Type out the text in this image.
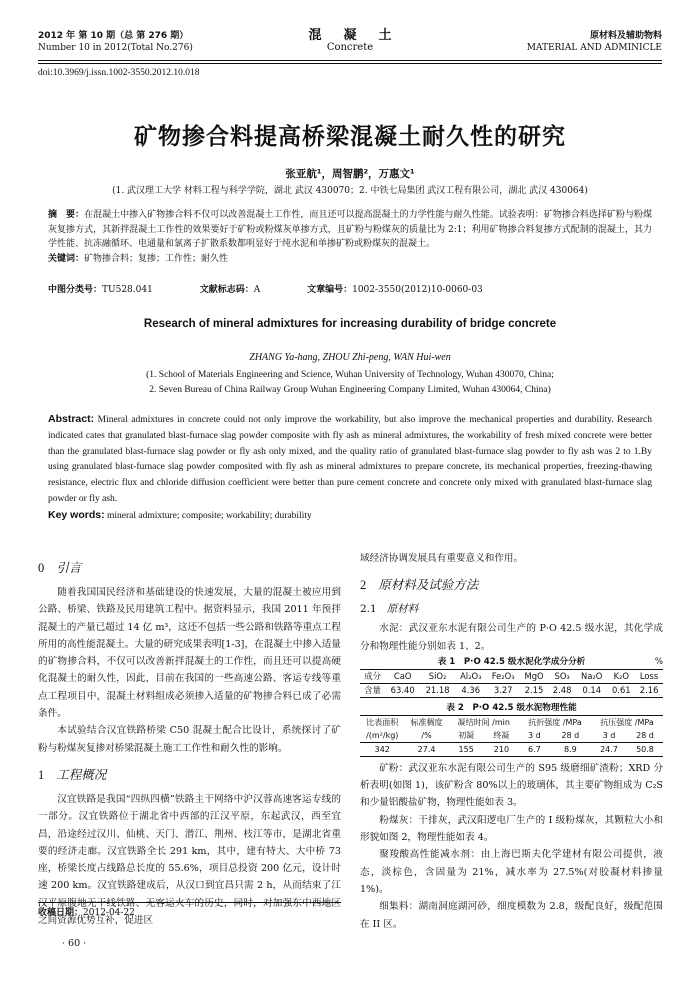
2012 年 第 10 期（总 第 276 期）
Number 10 in 2012(Total No.276)
混凝土
Concrete
原材料及辅助物料
MATERIAL AND ADMINICLE
doi:10.3969/j.issn.1002-3550.2012.10.018
矿物掺合料提高桥梁混凝土耐久性的研究
张亚航¹，周智鹏²，万惠文¹
(1. 武汉理工大学 材料工程与科学学院，湖北 武汉 430070；2. 中铁七局集团 武汉工程有限公司，湖北 武汉 430064)
摘　要：在混凝土中掺入矿物掺合料不仅可以改善混凝土工作性，而且还可以提高混凝土的力学性能与耐久性能。试验表明：矿物掺合料选择矿粉与粉煤灰复掺方式，其新拌混凝土工作性的效果要好于矿粉或粉煤灰单掺方式，且矿粉与粉煤灰的质量比为 2:1；利用矿物掺合料复掺方式配制的混凝土，其力学性能、抗冻融循环、电通量和氯离子扩散系数都明显好于纯水泥和单掺矿粉或粉煤灰的混凝土。
关键词：矿物掺合料；复掺；工作性；耐久性
中图分类号：TU528.041	文献标志码：A	文章编号：1002-3550(2012)10-0060-03
Research of mineral admixtures for increasing durability of bridge concrete
ZHANG Ya-hang, ZHOU Zhi-peng, WAN Hui-wen
(1. School of Materials Engineering and Science, Wuhan University of Technology, Wuhan 430070, China;
2. Seven Bureau of China Railway Group Wuhan Engineering Company Limited, Wuhan 430064, China)
Abstract: Mineral admixtures in concrete could not only improve the workability, but also improve the mechanical properties and durability. Research indicated cates that granulated blast-furnace slag powder composite with fly ash as mineral admixtures, the workability of fresh mixed concrete were better than the granulated blast-furnace slag powder or fly ash only mixed, and the quality ratio of granulated blast-furnace slag powder to fly ash was 2 to 1.By using granulated blast-furnace slag powder composited with fly ash as mineral admixtures to prepare concrete, its mechanical properties, freezing-thawing resistance, electric flux and chloride diffusion coefficient were better than pure cement concrete and concrete only mixed with granulated blast-furnace slag powder or fly ash.
Key words: mineral admixture; composite; workability; durability
0 引言

随着我国国民经济和基础建设的快速发展，大量的混凝土被应用到公路、桥梁、铁路及民用建筑工程中。据资料显示，我国 2011 年预拌混凝土的产量已超过 14 亿 m³，这还不包括一些公路和铁路等重点工程所用的高性能混凝土。大量的研究成果表明[1-3]，在混凝土中掺入适量的矿物掺合料，不仅可以改善新拌混凝土的工作性，而且还可以提高硬化混凝土的耐久性，因此，目前在我国的一些高速公路、客运专线等重点工程项目中，混凝土材料组成必须掺入适量的矿物掺合料已成了必需条件。

本试验结合汉宜铁路桥梁 C50 混凝土配合比设计，系统探讨了矿粉与粉煤灰复掺对桥梁混凝土施工工作性和耐久性的影响。

1 工程概况

汉宜铁路是我国“四纵四横”铁路主干网络中沪汉蓉高速客运专线的一部分。汉宜铁路位于湖北省中西部的江汉平原，东起武汉，西至宜昌，沿途经过汉川、仙桃、天门、潜江、荆州、枝江等市，是湖北省重要的经济走廊。汉宜铁路全长 291 km，其中，建有特大、大中桥 73 座，桥梁长度占线路总长度的 55.6%，项目总投资 200 亿元，设计时速 200 km。汉宜铁路建成后，从汉口到宜昌只需 2 h，从而结束了江汉平原腹地无干线铁路、无客运火车的历史，同时，对加强东中西地区之间资源优势互补，促进区

收稿日期：2012-04-22
· 60 ·

域经济协调发展具有重要意义和作用。

2 原材料及试验方法
2.1 原材料

水泥：武汉亚东水泥有限公司生产的 P·O 42.5 级水泥，其化学成分和物理性能分别如表 1、2。

表 1　P·O 42.5 级水泥化学成分分析	%
成分	CaO	SiO₂	Al₂O₃	Fe₂O₃	MgO	SO₃	Na₂O	K₂O	Loss
含量	63.40	21.18	4.36	3.27	2.15	2.48	0.14	0.61	2.16
表 2　P·O 42.5 级水泥物理性能
比表面积	标准稠度	凝结时间 /min		抗折强度 /MPa		抗压强度 /MPa	
/(m²/kg)	/%	初凝	终凝	3 d	28 d	3 d	28 d
342	27.4	155	210	6.7	8.9	24.7	50.8

矿粉：武汉亚东水泥有限公司生产的 S95 级磨细矿渣粉；XRD 分析表明(如图 1)，该矿粉含 80%以上的玻璃体，其主要矿物组成为 C₂S 和少量铝酸盐矿物，物理性能如表 3。

粉煤灰：干排灰，武汉阳逻电厂生产的 I 级粉煤灰，其颗粒大小和形貌如图 2，物理性能如表 4。

聚羧酸高性能减水剂：由上海巴斯夫化学建材有限公司提供，液态，淡棕色，含固量为 21%，减水率为 27.5%(对胶凝材料掺量 1%)。

细集料：湖南洞庭湖河砂，细度模数为 2.8，级配良好，级配范围在 II 区。
